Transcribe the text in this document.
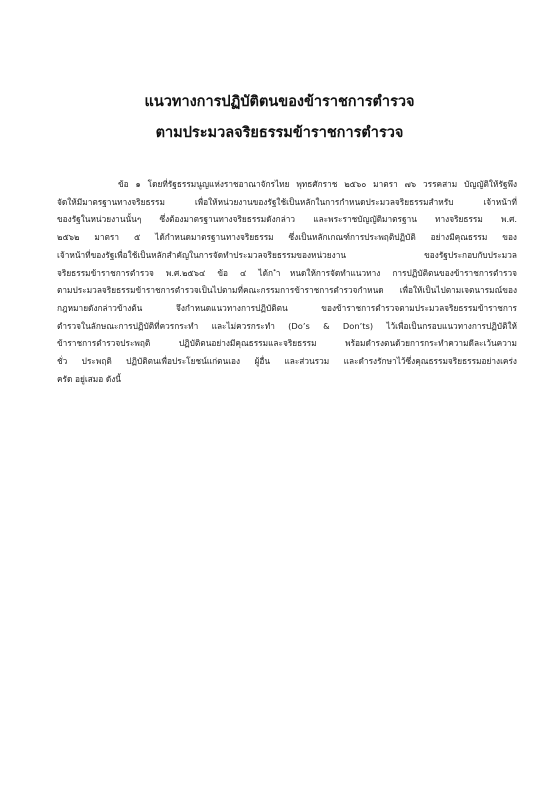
แนวทางการปฏิบัติตนของข้าราชการตำรวจ
ตามประมวลจริยธรรมข้าราชการตำรวจ
ข้อ ๑ โดยที่รัฐธรรมนูญแห่งราชอาณาจักรไทย พุทธศักราช ๒๕๖๐ มาตรา ๗๖ วรรคสาม บัญญัติให้รัฐพึง
จัดให้มีมาตรฐานทางจริยธรรม เพื่อให้หน่วยงานของรัฐใช้เป็นหลักในการกำหนดประมวลจริยธรรมสำหรับ เจ้าหน้าที่
ของรัฐในหน่วยงานนั้นๆ ซึ่งต้องมาตรฐานทางจริยธรรมดังกล่าว และพระราชบัญญัติมาตรฐาน ทางจริยธรรม พ.ศ.
๒๕๖๒ มาตรา ๕ ได้กำหนดมาตรฐานทางจริยธรรม ซึ่งเป็นหลักเกณฑ์การประพฤติปฏิบัติ อย่างมีคุณธรรม ของ
เจ้าหน้าที่ของรัฐเพื่อใช้เป็นหลักสำคัญในการจัดทำประมวลจริยธรรมของหน่วยงาน ของรัฐประกอบกับประมวล
จริยธรรมข้าราชการตำรวจ พ.ศ.๒๕๖๔ ข้อ ๔ ได้ก ำหนดให้การจัดทำแนวทาง การปฏิบัติตนของข้าราชการตำรวจ
ตามประมวลจริยธรรมข้าราชการตำรวจเป็นไปตามที่คณะกรรมการข้าราชการตำรวจกำหนด เพื่อให้เป็นไปตามเจตนารมณ์ของ
กฎหมายดังกล่าวข้างต้น จึงกำหนดแนวทางการปฏิบัติตน ของข้าราชการตำรวจตามประมวลจริยธรรมข้าราชการ
ตำรวจในลักษณะการปฏิบัติที่ควรกระทำ และไม่ควรกระทำ (Do’s & Don’ts) ไว้เพื่อเป็นกรอบแนวทางการปฏิบัติให้
ข้าราชการตำรวจประพฤติ ปฏิบัติตนอย่างมีคุณธรรมและจริยธรรม พร้อมดำรงตนด้วยการกระทำความดีละเว้นความ
ชั่ว ประพฤติ ปฏิบัติตนเพื่อประโยชน์แก่ตนเอง ผู้อื่น และส่วนรวม และดำรงรักษาไว้ซึ่งคุณธรรมจริยธรรมอย่างเคร่ง
ครัด อยู่เสมอ ดังนี้
